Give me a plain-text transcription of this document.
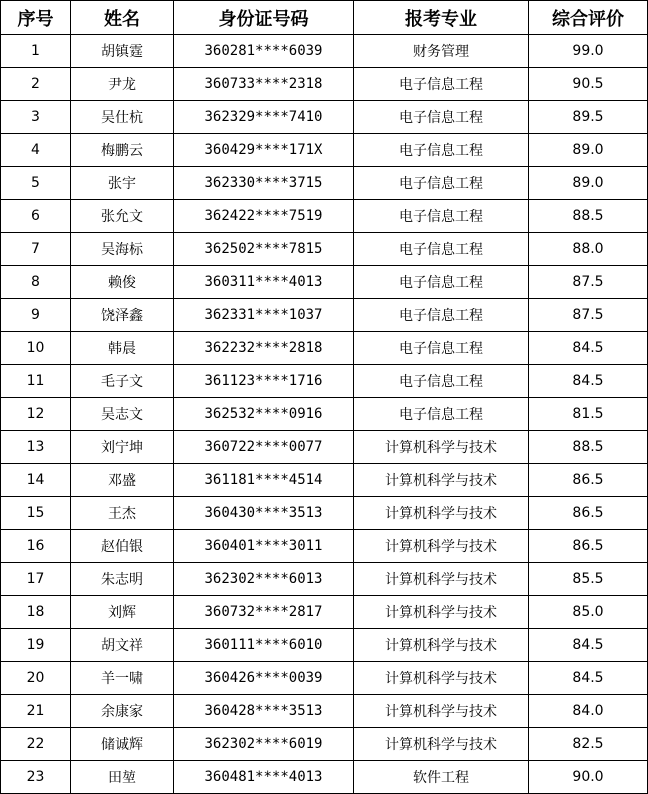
序号	姓名	身份证号码	报考专业	综合评价
1	胡镇霆	360281****6039	财务管理	99.0
2	尹龙	360733****2318	电子信息工程	90.5
3	吴仕杭	362329****7410	电子信息工程	89.5
4	梅鹏云	360429****171X	电子信息工程	89.0
5	张宇	362330****3715	电子信息工程	89.0
6	张允文	362422****7519	电子信息工程	88.5
7	吴海标	362502****7815	电子信息工程	88.0
8	赖俊	360311****4013	电子信息工程	87.5
9	饶泽鑫	362331****1037	电子信息工程	87.5
10	韩晨	362232****2818	电子信息工程	84.5
11	毛子文	361123****1716	电子信息工程	84.5
12	吴志文	362532****0916	电子信息工程	81.5
13	刘宁坤	360722****0077	计算机科学与技术	88.5
14	邓盛	361181****4514	计算机科学与技术	86.5
15	王杰	360430****3513	计算机科学与技术	86.5
16	赵伯银	360401****3011	计算机科学与技术	86.5
17	朱志明	362302****6013	计算机科学与技术	85.5
18	刘辉	360732****2817	计算机科学与技术	85.0
19	胡文祥	360111****6010	计算机科学与技术	84.5
20	羊一啸	360426****0039	计算机科学与技术	84.5
21	余康家	360428****3513	计算机科学与技术	84.0
22	储诚辉	362302****6019	计算机科学与技术	82.5
23	田堃	360481****4013	软件工程	90.0
